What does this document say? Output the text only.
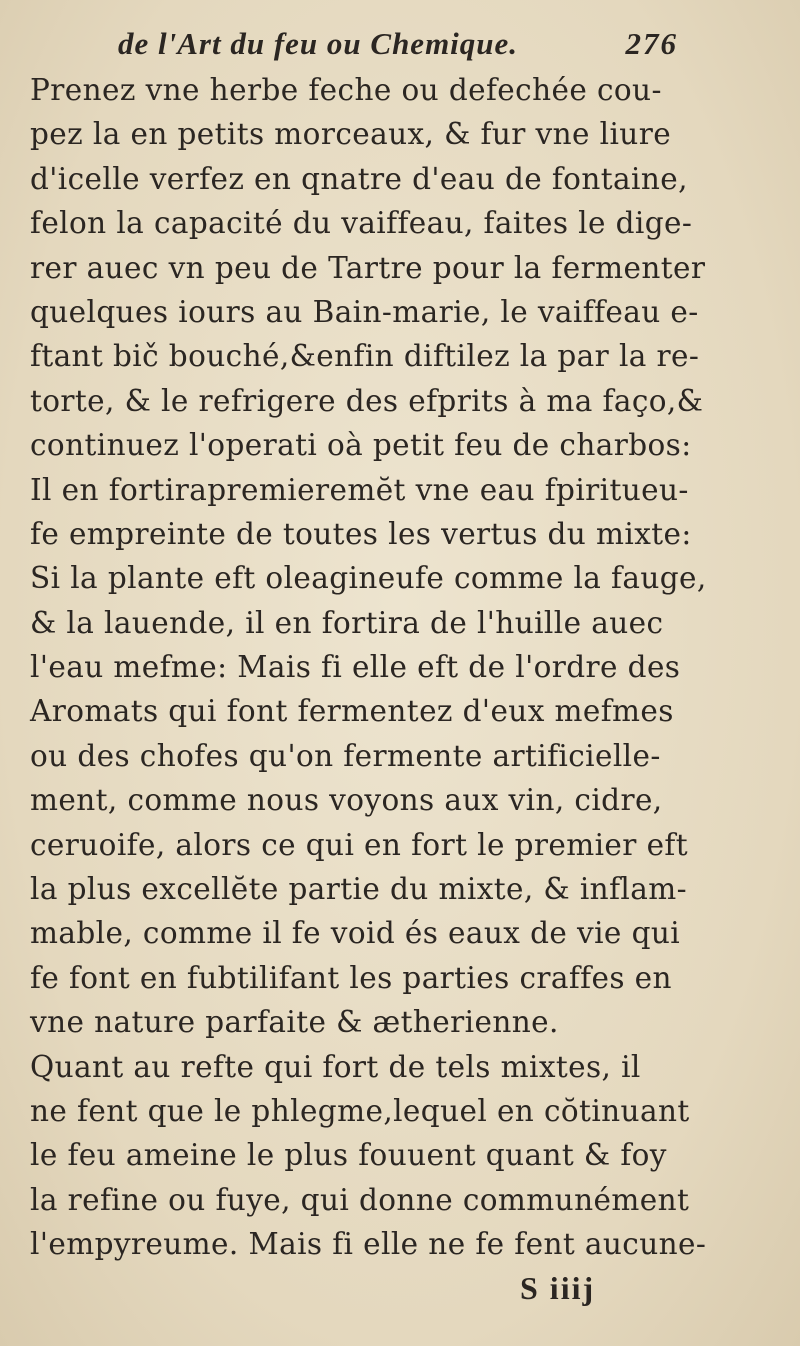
de l'Art du feu ou Chemique.	276
Prenez vne herbe feche ou defechée cou-
pez la en petits morceaux, & fur vne liure
d'icelle verfez en qnatre d'eau de fontaine,
felon la capacité du vaiffeau, faites le dige-
rer auec vn peu de Tartre pour la fermenter
quelques iours au Bain-marie, le vaiffeau e-
ftant bič bouché,&enfin diftilez la par la re-
torte, & le refrigere des efprits à ma faço,&
continuez l'operati oà petit feu de charbos:
Il en fortirapremieremĕt vne eau fpiritueu-
fe empreinte de toutes les vertus du mixte:
Si la plante eft oleagineufe comme la fauge,
& la lauende, il en fortira de l'huille auec
l'eau mefme: Mais fi elle eft de l'ordre des
Aromats qui font fermentez d'eux mefmes
ou des chofes qu'on fermente artificielle-
ment, comme nous voyons aux vin, cidre,
ceruoife, alors ce qui en fort le premier eft
la plus excellĕte partie du mixte, & inflam-
mable, comme il fe void és eaux de vie qui
fe font en fubtilifant les parties craffes en
vne nature parfaite & ætherienne.
Quant au refte qui fort de tels mixtes, il
ne fent que le phlegme,lequel en cŏtinuant
le feu ameine le plus fouuent quant & foy
la refine ou fuye, qui donne communément
l'empyreume. Mais fi elle ne fe fent aucune-
S iiij
